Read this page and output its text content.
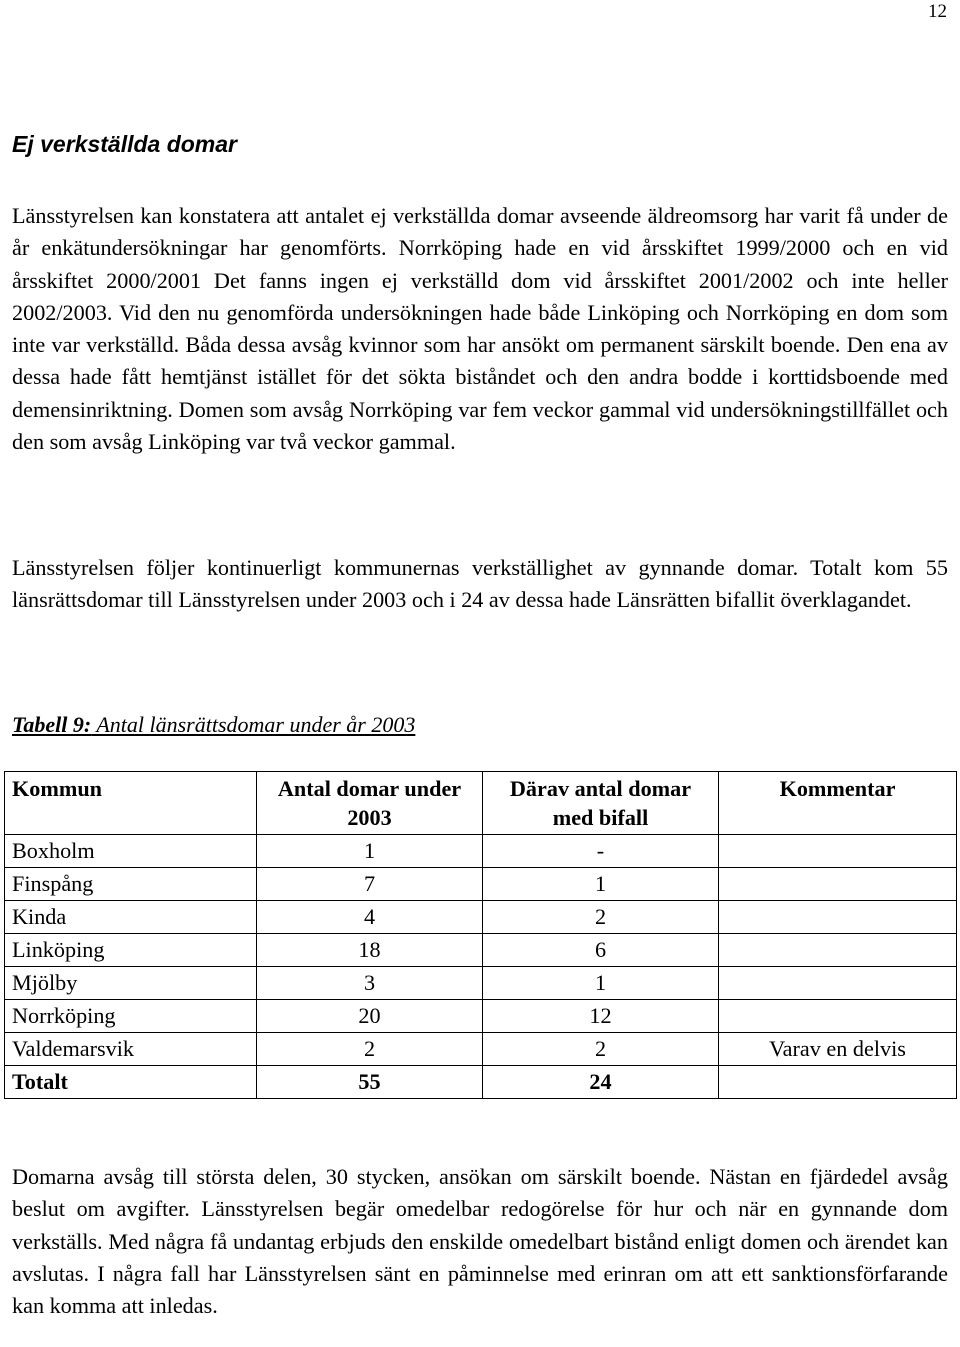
12
Ej verkställda domar

Länsstyrelsen kan konstatera att antalet ej verkställda domar avseende äldreomsorg har varit få under de år enkätundersökningar har genomförts. Norrköping hade en vid årsskiftet 1999/2000 och en vid årsskiftet 2000/2001 Det fanns ingen ej verkställd dom vid årsskiftet 2001/2002 och inte heller 2002/2003. Vid den nu genomförda undersökningen hade både Linköping och Norrköping en dom som inte var verkställd. Båda dessa avsåg kvinnor som har ansökt om permanent särskilt boende. Den ena av dessa hade fått hemtjänst istället för det sökta biståndet och den andra bodde i korttidsboende med demensinriktning. Domen som avsåg Norrköping var fem veckor gammal vid undersökningstillfället och den som avsåg Linköping var två veckor gammal.

Länsstyrelsen följer kontinuerligt kommunernas verkställighet av gynnande domar. Totalt kom 55 länsrättsdomar till Länsstyrelsen under 2003 och i 24 av dessa hade Länsrätten bifallit överklagandet.

Tabell 9: Antal länsrättsdomar under år 2003

Kommun	Antal domar under 2003	Därav antal domar med bifall	Kommentar
Boxholm	1	-	
Finspång	7	1	
Kinda	4	2	
Linköping	18	6	
Mjölby	3	1	
Norrköping	20	12	
Valdemarsvik	2	2	Varav en delvis
Totalt	55	24	

Domarna avsåg till största delen, 30 stycken, ansökan om särskilt boende. Nästan en fjärdedel avsåg beslut om avgifter. Länsstyrelsen begär omedelbar redogörelse för hur och när en gynnande dom verkställs. Med några få undantag erbjuds den enskilde omedelbart bistånd enligt domen och ärendet kan avslutas. I några fall har Länsstyrelsen sänt en påminnelse med erinran om att ett sanktionsförfarande kan komma att inledas.
